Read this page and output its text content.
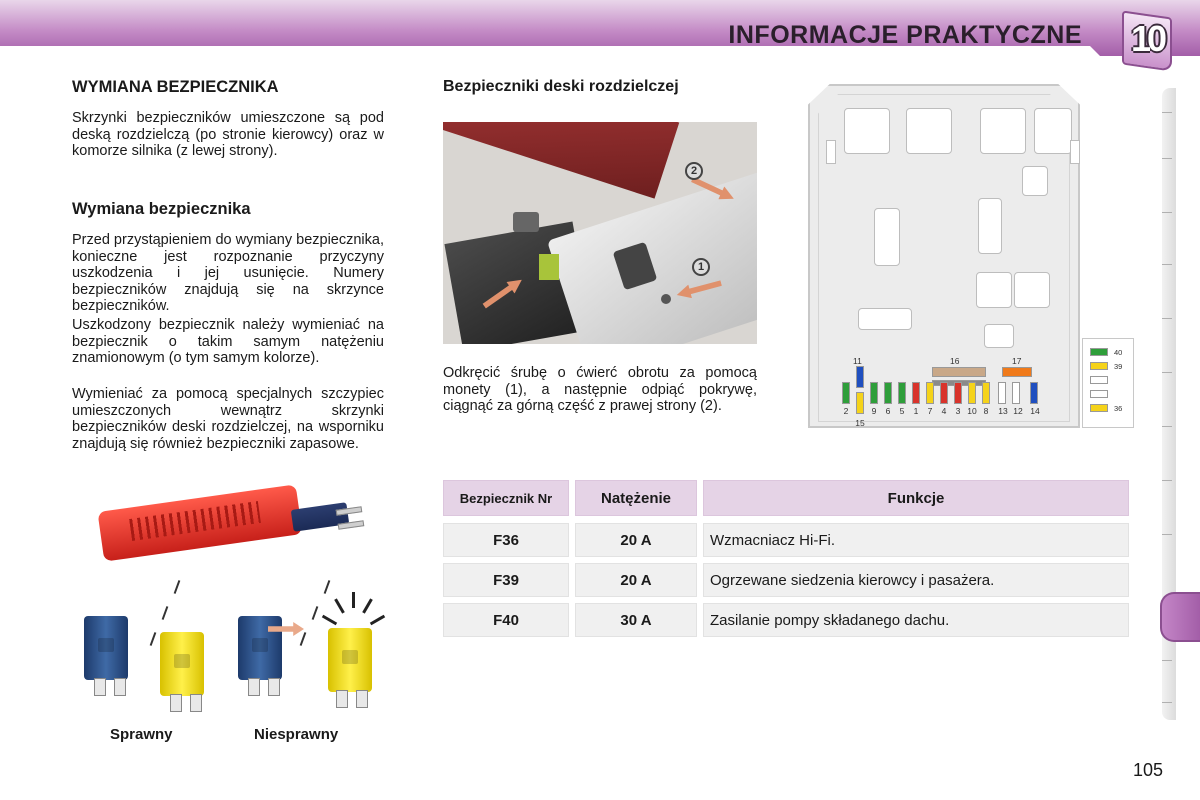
INFORMACJE PRAKTYCZNE 10
WYMIANA BEZPIECZNIKA
Skrzynki bezpieczników umieszczone są pod deską rozdzielczą (po stronie kierowcy) oraz w komorze silnika (z lewej strony).
Wymiana bezpiecznika
Przed przystąpieniem do wymiany bezpiecznika, konieczne jest rozpoznanie przyczyny uszkodzenia i jej usunięcie. Numery bezpieczników znajdują się na skrzynce bezpieczników.
Uszkodzony bezpiecznik należy wymieniać na bezpiecznik o takim samym natężeniu znamionowym (o tym samym kolorze).
Wymieniać za pomocą specjalnych szczypiec umieszczonych wewnątrz skrzynki bezpieczników deski rozdzielczej, na wsporniku znajdują się również bezpieczniki zapasowe.
Sprawny	Niesprawny
Bezpieczniki deski rozdzielczej
1
2
Odkręcić śrubę o ćwierć obrotu za pomocą monety (1), a następnie odpiąć pokrywę, ciągnąć za górną część z prawej strony (2).
11	16	17
2	9	6	5	1	7	4	3 10 8	13 12 14
15
40
39
36
Bezpiecznik Nr	Natężenie	Funkcje
F36	20 A	Wzmacniacz Hi-Fi.
F39	20 A	Ogrzewane siedzenia kierowcy i pasażera.
F40	30 A	Zasilanie pompy składanego dachu.
105
